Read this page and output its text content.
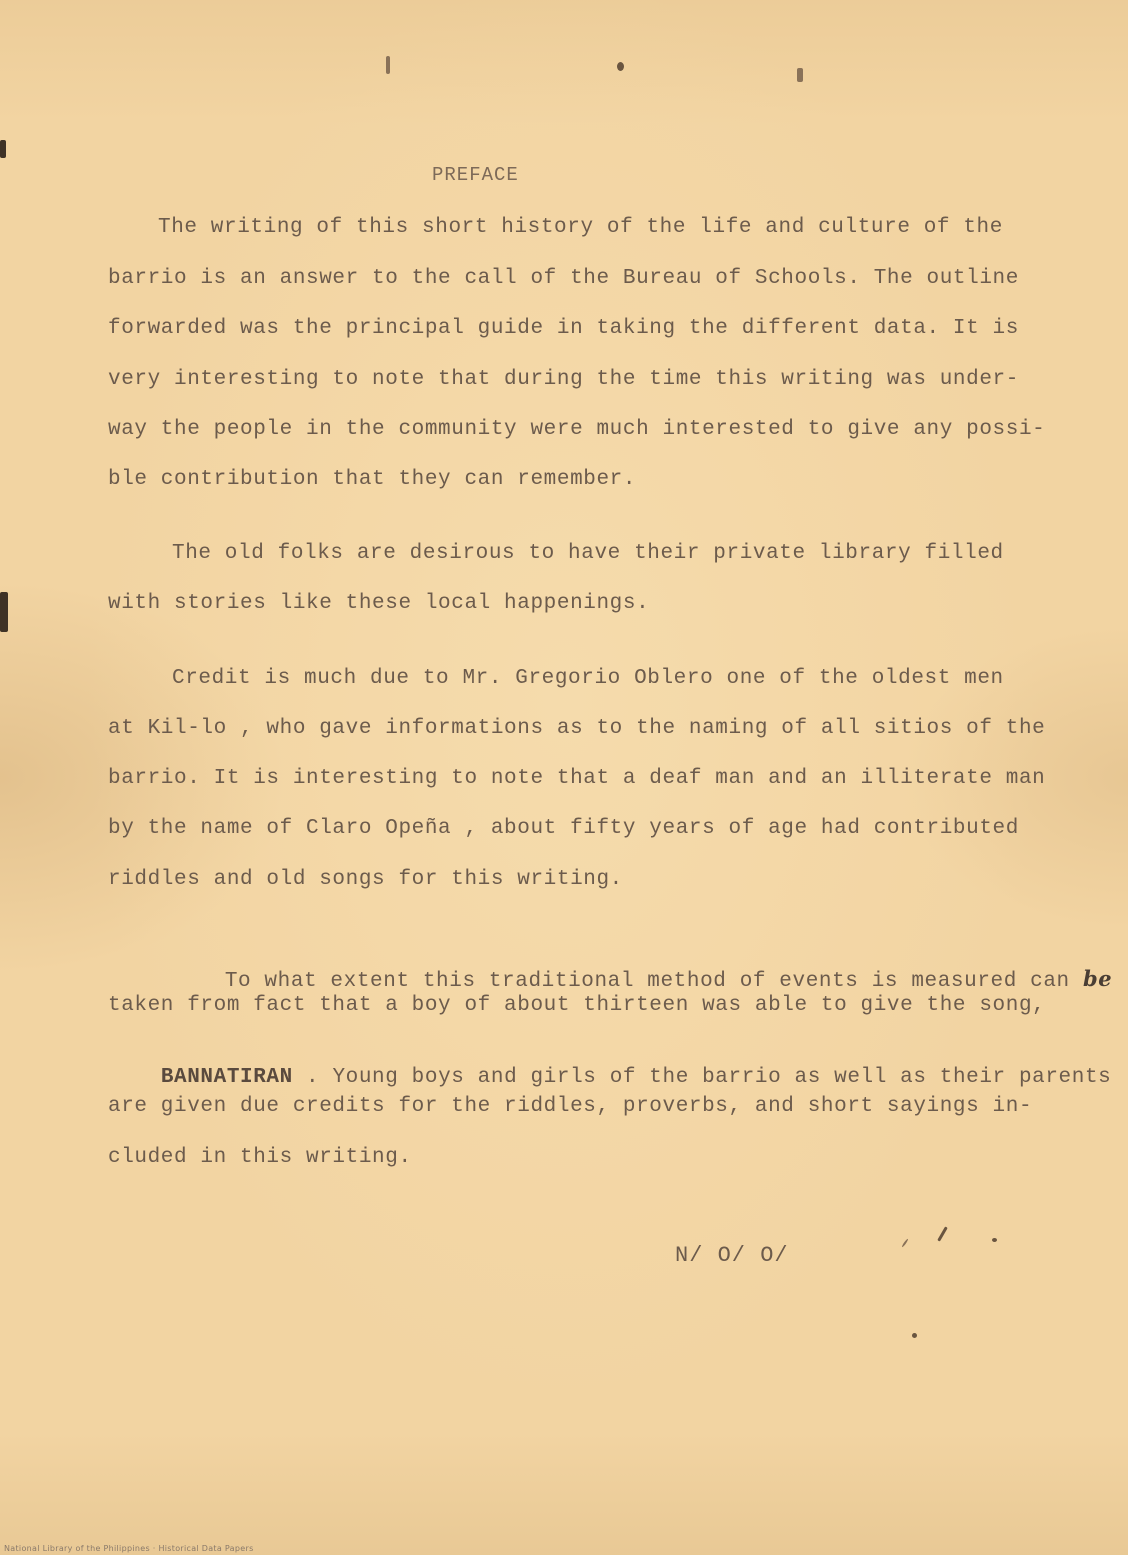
PREFACE
The writing of this short history of the life and culture of the
barrio is an answer to the call of the Bureau of Schools. The outline
forwarded was the principal guide in taking the different data. It is
very interesting to note that during the time this writing was under-
way the people in the community were much interested to give any possi-
ble contribution that they can remember.
The old folks are desirous to have their private library filled
with stories like these local happenings.
Credit is much due to Mr. Gregorio Oblero one of the oldest men
at Kil-lo , who gave informations as to the naming of all sitios of the
barrio. It is interesting to note that a deaf man and an illiterate man
by the name of Claro Opeña , about fifty years of age had contributed
riddles and old songs for this writing.

To what extent this traditional method of events is measured can be

taken from fact that a boy of about thirteen was able to give the song,

BANNATIRAN . Young boys and girls of the barrio as well as their parents

are given due credits for the riddles, proverbs, and short sayings in-
cluded in this writing.
N/ O/ O/
National Library of the Philippines · Historical Data Papers
